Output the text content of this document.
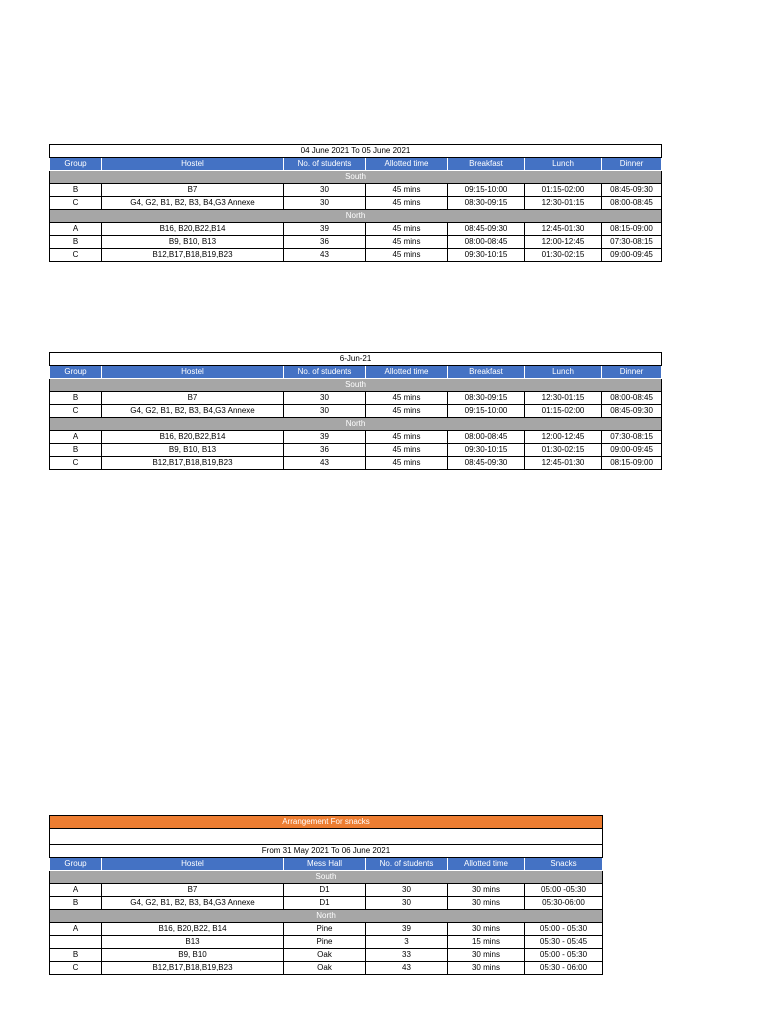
04 June 2021 To 05 June 2021						
Group	Hostel	No. of students	Allotted time	Breakfast	Lunch	Dinner
South						
B	B7	30	45 mins	09:15-10:00	01:15-02:00	08:45-09:30
C	G4, G2, B1, B2, B3, B4,G3 Annexe	30	45 mins	08:30-09:15	12:30-01:15	08:00-08:45
North						
A	B16, B20,B22,B14	39	45 mins	08:45-09:30	12:45-01:30	08:15-09:00
B	B9, B10, B13	36	45 mins	08:00-08:45	12:00-12:45	07:30-08:15
C	B12,B17,B18,B19,B23	43	45 mins	09:30-10:15	01:30-02:15	09:00-09:45
6-Jun-21						
Group	Hostel	No. of students	Allotted time	Breakfast	Lunch	Dinner
South						
B	B7	30	45 mins	08:30-09:15	12:30-01:15	08:00-08:45
C	G4, G2, B1, B2, B3, B4,G3 Annexe	30	45 mins	09:15-10:00	01:15-02:00	08:45-09:30
North						
A	B16, B20,B22,B14	39	45 mins	08:00-08:45	12:00-12:45	07:30-08:15
B	B9, B10, B13	36	45 mins	09:30-10:15	01:30-02:15	09:00-09:45
C	B12,B17,B18,B19,B23	43	45 mins	08:45-09:30	12:45-01:30	08:15-09:00
Arrangement For snacks					

From 31 May 2021 To 06 June 2021					
Group	Hostel	Mess Hall	No. of students	Allotted time	Snacks
South					
A	B7	D1	30	30 mins	05:00 -05:30
B	G4, G2, B1, B2, B3, B4,G3 Annexe	D1	30	30 mins	05:30-06:00
North					
A	B16, B20,B22, B14	Pine	39	30 mins	05:00 - 05:30
	B13	Pine	3	15 mins	05:30 - 05:45
B	B9, B10	Oak	33	30 mins	05:00 - 05:30
C	B12,B17,B18,B19,B23	Oak	43	30 mins	05:30 - 06:00
